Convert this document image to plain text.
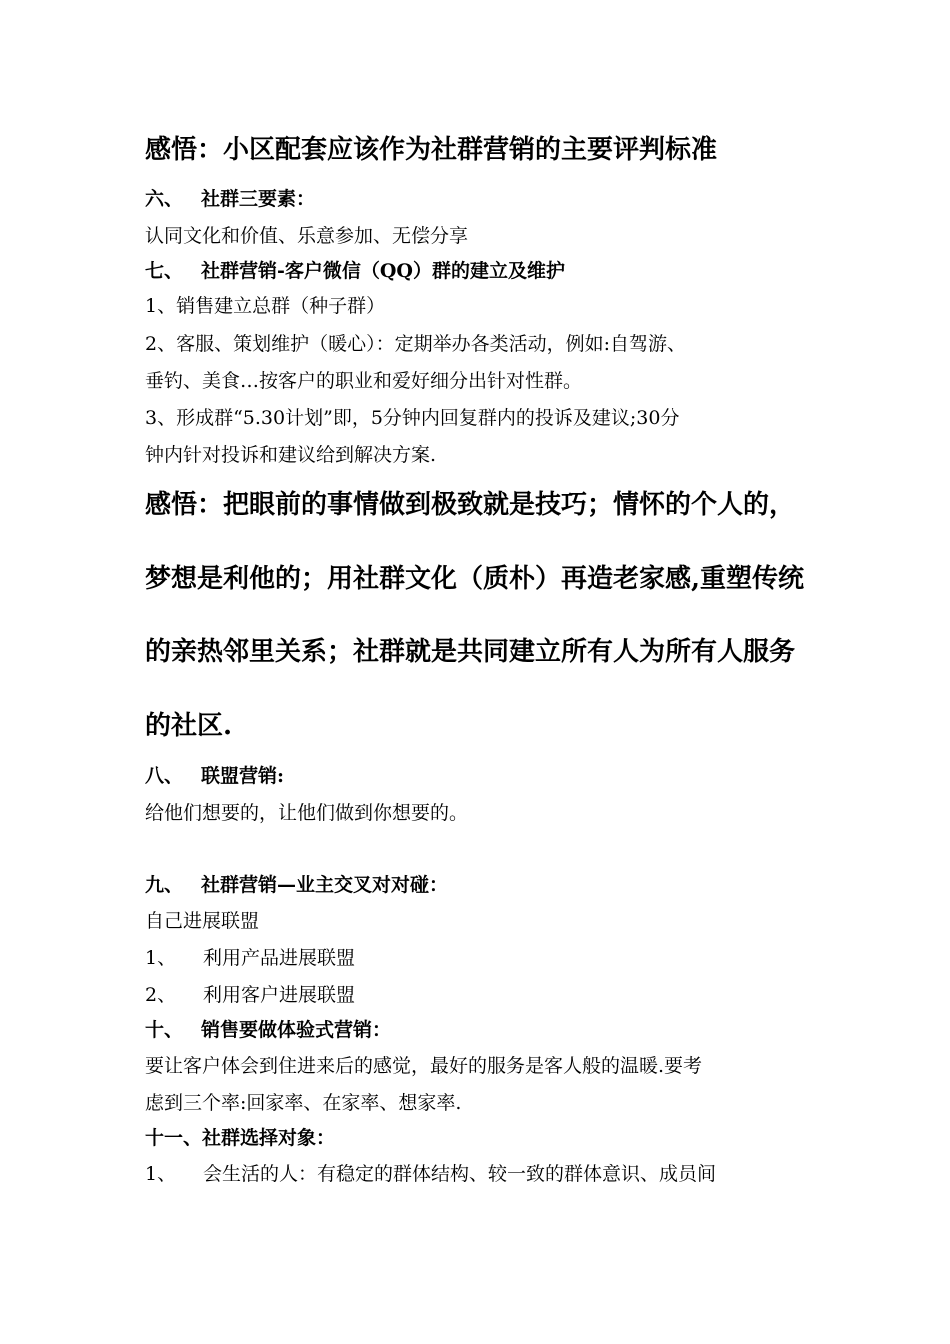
感悟：小区配套应该作为社群营销的主要评判标准
六、 社群三要素：
认同文化和价值、乐意参加、无偿分享
七、 社群营销-客户微信（QQ）群的建立及维护
1、销售建立总群（种子群）
2、客服、策划维护（暖心）：定期举办各类活动，例如:自驾游、
垂钓、美食…按客户的职业和爱好细分出针对性群。
3、形成群“5.30计划”即，5分钟内回复群内的投诉及建议;30分
钟内针对投诉和建议给到解决方案.
感悟：把眼前的事情做到极致就是技巧；情怀的个人的，
梦想是利他的；用社群文化（质朴）再造老家感,重塑传统
的亲热邻里关系；社群就是共同建立所有人为所有人服务
的社区.
八、 联盟营销:
给他们想要的，让他们做到你想要的。
九、 社群营销—业主交叉对对碰：
自己进展联盟
1、 利用产品进展联盟
2、 利用客户进展联盟
十、 销售要做体验式营销：
要让客户体会到住进来后的感觉，最好的服务是客人般的温暖.要考
虑到三个率:回家率、在家率、想家率.
十一、社群选择对象：
1、 会生活的人：有稳定的群体结构、较一致的群体意识、成员间
